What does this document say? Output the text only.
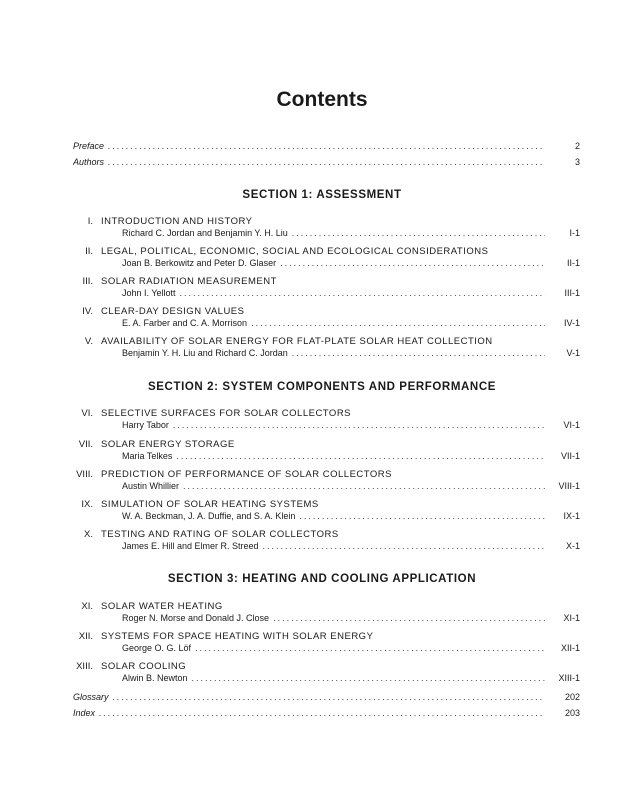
Contents
Preface .....	2
Authors .....	3
SECTION 1: ASSESSMENT
I. INTRODUCTION AND HISTORY
Richard C. Jordan and Benjamin Y. H. Liu .....	I-1
II. LEGAL, POLITICAL, ECONOMIC, SOCIAL AND ECOLOGICAL CONSIDERATIONS
Joan B. Berkowitz and Peter D. Glaser .....	II-1
III. SOLAR RADIATION MEASUREMENT
John I. Yellott .....	III-1
IV. CLEAR-DAY DESIGN VALUES
E. A. Farber and C. A. Morrison .....	IV-1
V. AVAILABILITY OF SOLAR ENERGY FOR FLAT-PLATE SOLAR HEAT COLLECTION
Benjamin Y. H. Liu and Richard C. Jordan .....	V-1
SECTION 2: SYSTEM COMPONENTS AND PERFORMANCE
VI. SELECTIVE SURFACES FOR SOLAR COLLECTORS
Harry Tabor .....	VI-1
VII. SOLAR ENERGY STORAGE
Maria Telkes .....	VII-1
VIII. PREDICTION OF PERFORMANCE OF SOLAR COLLECTORS
Austin Whillier .....	VIII-1
IX. SIMULATION OF SOLAR HEATING SYSTEMS
W. A. Beckman, J. A. Duffie, and S. A. Klein .....	IX-1
X. TESTING AND RATING OF SOLAR COLLECTORS
James E. Hill and Elmer R. Streed .....	X-1
SECTION 3: HEATING AND COOLING APPLICATION
XI. SOLAR WATER HEATING
Roger N. Morse and Donald J. Close .....	XI-1
XII. SYSTEMS FOR SPACE HEATING WITH SOLAR ENERGY
George O. G. Löf .....	XII-1
XIII. SOLAR COOLING
Alwin B. Newton .....	XIII-1
Glossary .....	202
Index .....	203
